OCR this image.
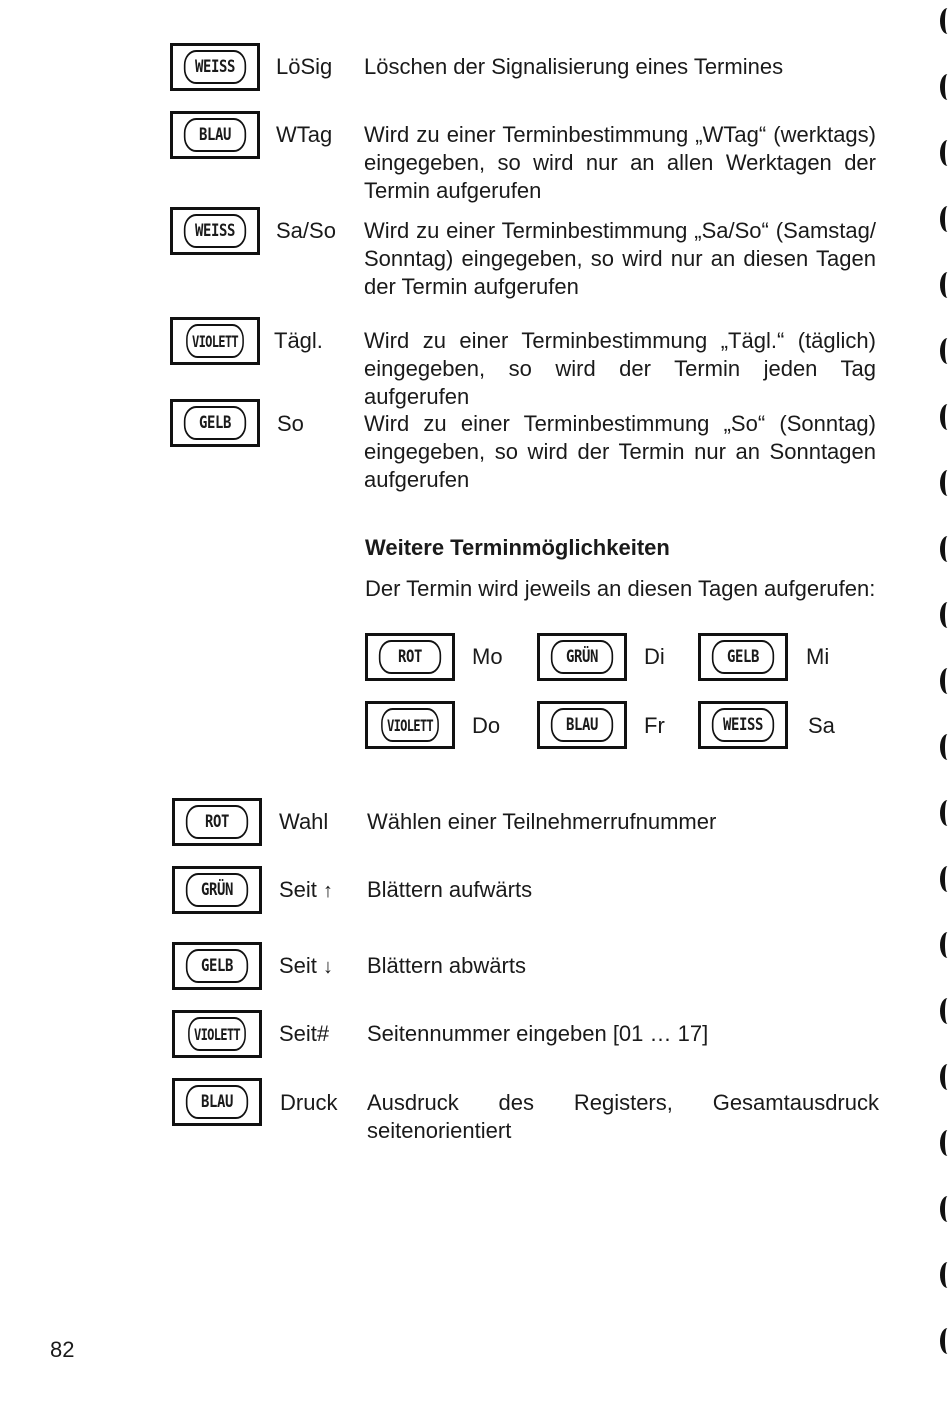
WEISS	LöSig Löschen der Signalisierung eines Termines
BLAU	WTag Wird zu einer Terminbestimmung „WTag“ (werktags) eingegeben, so wird nur an allen Werktagen der Termin aufgerufen
WEISS	Sa/So Wird zu einer Terminbestimmung „Sa/So“ (Samstag/ Sonntag) eingegeben, so wird nur an diesen Tagen der Termin aufgerufen
VIOLETT Tägl. Wird zu einer Terminbestimmung „Tägl.“ (täglich) eingegeben, so wird der Termin jeden Tag aufgerufen
GELB	So	Wird zu einer Terminbestimmung „So“ (Sonntag) eingegeben, so wird der Termin nur an Sonntagen aufgerufen
Weitere Terminmöglichkeiten
Der Termin wird jeweils an diesen Tagen aufgerufen:
ROT	Mo	GRÜN	Di	GELB	Mi
VIOLETT Do	BLAU	Fr	WEISS	Sa
ROT	Wahl Wählen einer Teilnehmerrufnummer
GRÜN	Seit ↑ Blättern aufwärts
GELB	Seit ↓ Blättern abwärts
VIOLETT Seit# Seitennummer eingeben [01 … 17]
BLAU	Druck Ausdruck des Registers, Gesamtausdruck seitenorientiert
82
